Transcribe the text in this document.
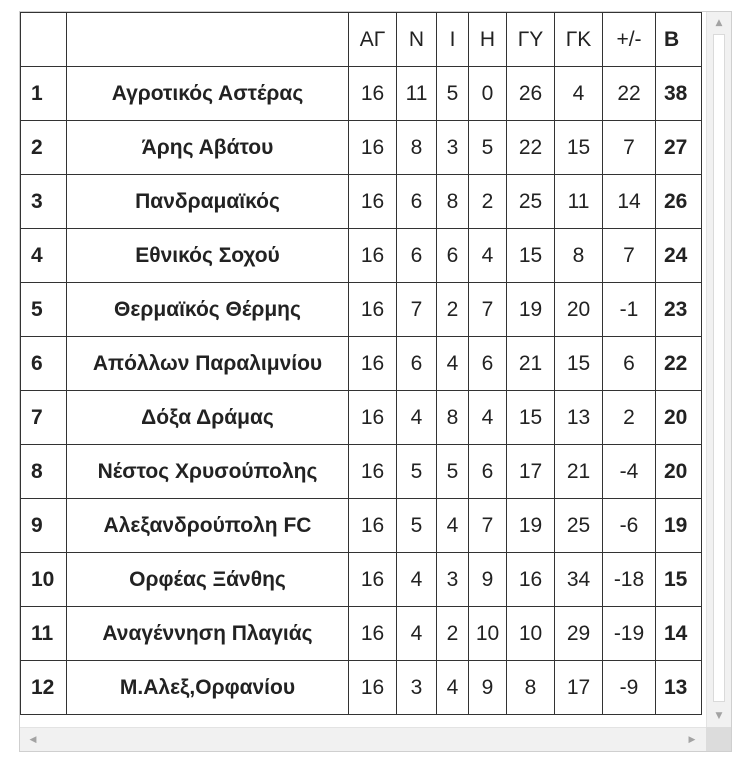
		ΑΓ	Ν	Ι	Η	ΓΥ	ΓΚ	+/-	Β
1	Αγροτικός Αστέρας	16	11	5	0	26	4	22	38
2	Άρης Αβάτου	16	8	3	5	22	15	7	27
3	Πανδραμαϊκός	16	6	8	2	25	11	14	26
4	Εθνικός Σοχού	16	6	6	4	15	8	7	24
5	Θερμαϊκός Θέρμης	16	7	2	7	19	20	-1	23
6	Απόλλων Παραλιμνίου	16	6	4	6	21	15	6	22
7	Δόξα Δράμας	16	4	8	4	15	13	2	20
8	Νέστος Χρυσούπολης	16	5	5	6	17	21	-4	20
9	Αλεξανδρούπολη FC	16	5	4	7	19	25	-6	19
10	Ορφέας Ξάνθης	16	4	3	9	16	34	-18	15
11	Αναγέννηση Πλαγιάς	16	4	2	10	10	29	-19	14
12	Μ.Αλεξ,Ορφανίου	16	3	4	9	8	17	-9	13
▲
▼
◀	▶
